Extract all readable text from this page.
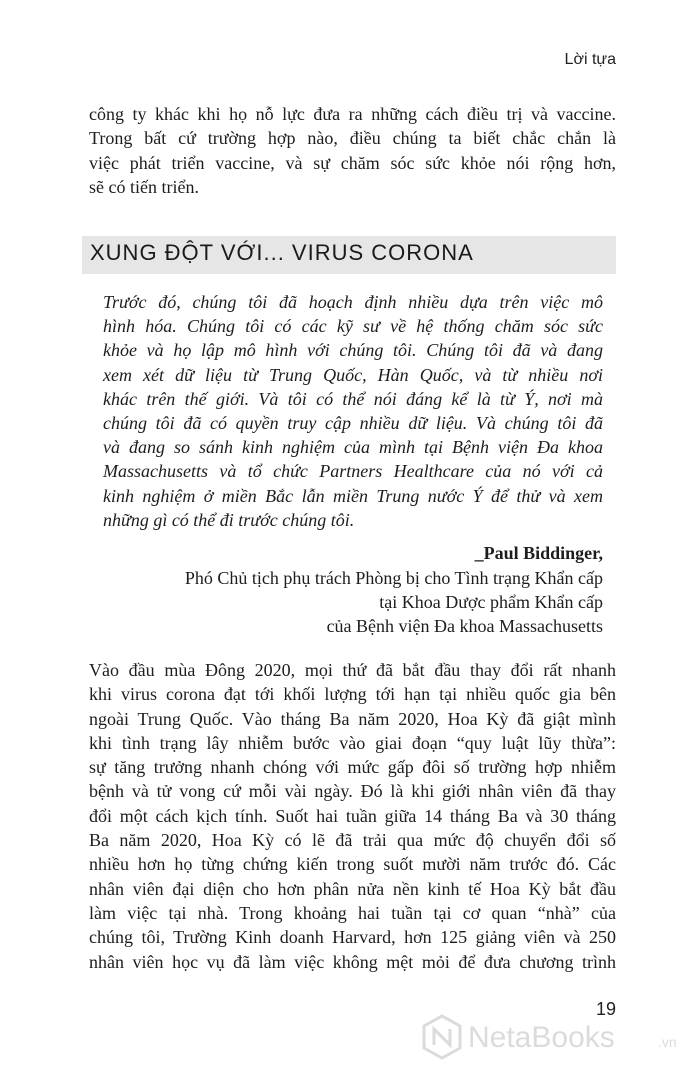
Lời tựa
công ty khác khi họ nỗ lực đưa ra những cách điều trị và vaccine.
Trong bất cứ trường hợp nào, điều chúng ta biết chắc chắn là
việc phát triển vaccine, và sự chăm sóc sức khỏe nói rộng hơn,
sẽ có tiến triển.
XUNG ĐỘT VỚI... VIRUS CORONA
Trước đó, chúng tôi đã hoạch định nhiều dựa trên việc mô
hình hóa. Chúng tôi có các kỹ sư về hệ thống chăm sóc sức
khỏe và họ lập mô hình với chúng tôi. Chúng tôi đã và đang
xem xét dữ liệu từ Trung Quốc, Hàn Quốc, và từ nhiều nơi
khác trên thế giới. Và tôi có thể nói đáng kể là từ Ý, nơi mà
chúng tôi đã có quyền truy cập nhiều dữ liệu. Và chúng tôi đã
và đang so sánh kinh nghiệm của mình tại Bệnh viện Đa khoa
Massachusetts và tổ chức Partners Healthcare của nó với cả
kinh nghiệm ở miền Bắc lẫn miền Trung nước Ý để thử và xem
những gì có thể đi trước chúng tôi.
_Paul Biddinger,
Phó Chủ tịch phụ trách Phòng bị cho Tình trạng Khẩn cấp
tại Khoa Dược phẩm Khẩn cấp
của Bệnh viện Đa khoa Massachusetts
Vào đầu mùa Đông 2020, mọi thứ đã bắt đầu thay đổi rất nhanh
khi virus corona đạt tới khối lượng tới hạn tại nhiều quốc gia bên
ngoài Trung Quốc. Vào tháng Ba năm 2020, Hoa Kỳ đã giật mình
khi tình trạng lây nhiễm bước vào giai đoạn “quy luật lũy thừa”:
sự tăng trưởng nhanh chóng với mức gấp đôi số trường hợp nhiễm
bệnh và tử vong cứ mỗi vài ngày. Đó là khi giới nhân viên đã thay
đổi một cách kịch tính. Suốt hai tuần giữa 14 tháng Ba và 30 tháng
Ba năm 2020, Hoa Kỳ có lẽ đã trải qua mức độ chuyển đổi số
nhiều hơn họ từng chứng kiến trong suốt mười năm trước đó. Các
nhân viên đại diện cho hơn phân nửa nền kinh tế Hoa Kỳ bắt đầu
làm việc tại nhà. Trong khoảng hai tuần tại cơ quan “nhà” của
chúng tôi, Trường Kinh doanh Harvard, hơn 125 giảng viên và 250
nhân viên học vụ đã làm việc không mệt mỏi để đưa chương trình
19
NetaBooks	.vn
